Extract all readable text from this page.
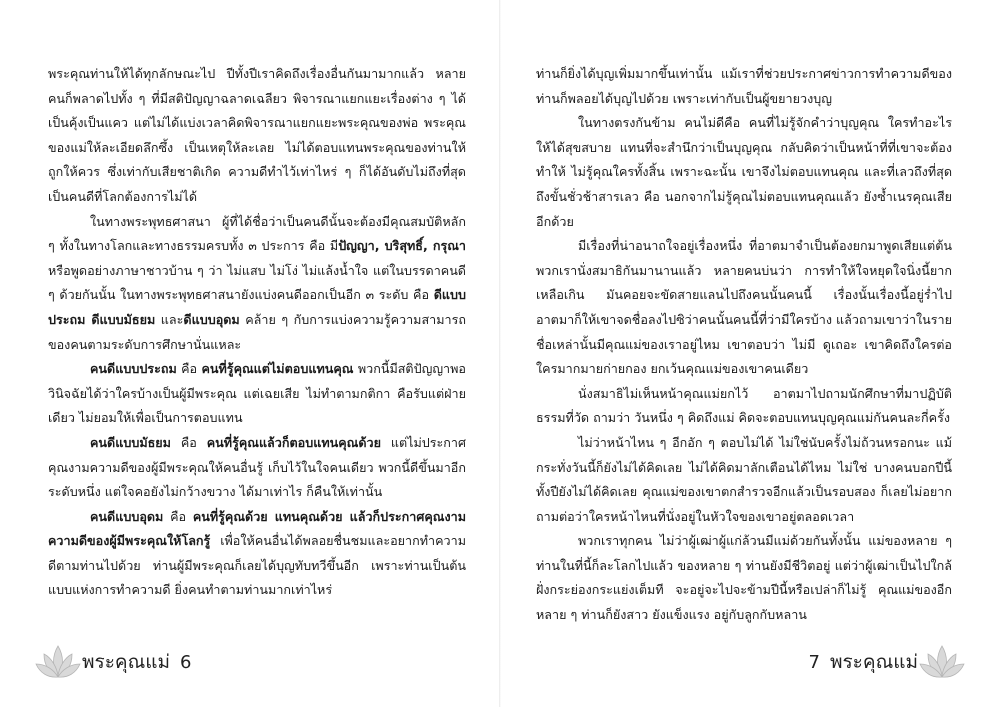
พระคุณท่านให้ได้ทุกลักษณะไป ปีทั้งปีเราคิดถึงเรื่องอื่นกันมามากแล้ว หลายคนก็พลาดไปทั้ง ๆ ที่มีสติปัญญาฉลาดเฉลียว พิจารณาแยกแยะเรื่องต่าง ๆ ได้เป็นคุ้งเป็นแคว แต่ไม่ได้แบ่งเวลาคิดพิจารณาแยกแยะพระคุณของพ่อ พระคุณของแม่ให้ละเอียดลึกซึ้ง เป็นเหตุให้ละเลย ไม่ได้ตอบแทนพระคุณของท่านให้ถูกให้ควร ซึ่งเท่ากับเสียชาติเกิด ความดีทำไว้เท่าไหร่ ๆ ก็ได้อันดับไม่ถึงที่สุด เป็นคนดีที่โลกต้องการไม่ได้

ในทางพระพุทธศาสนา ผู้ที่ได้ชื่อว่าเป็นคนดีนั้นจะต้องมีคุณสมบัติหลัก ๆ ทั้งในทางโลกและทางธรรมครบทั้ง ๓ ประการ คือ มีปัญญา, บริสุทธิ์, กรุณา หรือพูดอย่างภาษาชาวบ้าน ๆ ว่า ไม่แสบ ไม่โง่ ไม่แล้งน้ำใจ แต่ในบรรดาคนดี ๆ ด้วยกันนั้น ในทางพระพุทธศาสนายังแบ่งคนดีออกเป็นอีก ๓ ระดับ คือ ดีแบบประถม ดีแบบมัธยม และดีแบบอุดม คล้าย ๆ กับการแบ่งความรู้ความสามารถของคนตามระดับการศึกษานั่นแหละ

คนดีแบบประถม คือ คนที่รู้คุณแต่ไม่ตอบแทนคุณ พวกนี้มีสติปัญญาพอวินิจฉัยได้ว่าใครบ้างเป็นผู้มีพระคุณ แต่เฉยเสีย ไม่ทำตามกติกา คือรับแต่ฝ่ายเดียว ไม่ยอมให้เพื่อเป็นการตอบแทน

คนดีแบบมัธยม คือ คนที่รู้คุณแล้วก็ตอบแทนคุณด้วย แต่ไม่ประกาศคุณงามความดีของผู้มีพระคุณให้คนอื่นรู้ เก็บไว้ในใจคนเดียว พวกนี้ดีขึ้นมาอีกระดับหนึ่ง แต่ใจคอยังไม่กว้างขวาง ได้มาเท่าไร ก็คืนให้เท่านั้น

คนดีแบบอุดม คือ คนที่รู้คุณด้วย แทนคุณด้วย แล้วก็ประกาศคุณงามความดีของผู้มีพระคุณให้โลกรู้ เพื่อให้คนอื่นได้พลอยชื่นชมและอยากทำความดีตามท่านไปด้วย ท่านผู้มีพระคุณก็เลยได้บุญทับทวีขึ้นอีก เพราะท่านเป็นต้นแบบแห่งการทำความดี ยิ่งคนทำตามท่านมากเท่าไหร่

พระคุณแม่ 6

ท่านก็ยิ่งได้บุญเพิ่มมากขึ้นเท่านั้น แม้เราที่ช่วยประกาศข่าวการทำความดีของท่านก็พลอยได้บุญไปด้วย เพราะเท่ากับเป็นผู้ขยายวงบุญ

ในทางตรงกันข้าม คนไม่ดีคือ คนที่ไม่รู้จักคำว่าบุญคุณ ใครทำอะไรให้ได้สุขสบาย แทนที่จะสำนึกว่าเป็นบุญคุณ กลับคิดว่าเป็นหน้าที่ที่เขาจะต้องทำให้ ไม่รู้คุณใครทั้งสิ้น เพราะฉะนั้น เขาจึงไม่ตอบแทนคุณ และที่เลวถึงที่สุดถึงขั้นชั่วช้าสารเลว คือ นอกจากไม่รู้คุณไม่ตอบแทนคุณแล้ว ยังซ้ำเนรคุณเสียอีกด้วย

มีเรื่องที่น่าอนาถใจอยู่เรื่องหนึ่ง ที่อาตมาจำเป็นต้องยกมาพูดเสียแต่ต้น พวกเรานั่งสมาธิกันมานานแล้ว หลายคนบ่นว่า การทำให้ใจหยุดใจนิ่งนี้ยากเหลือเกิน มันคอยจะขัดสายแลนไปถึงคนนั้นคนนี้ เรื่องนั้นเรื่องนี้อยู่ร่ำไป อาตมาก็ให้เขาจดชื่อลงไปซิว่าคนนั้นคนนี้ที่ว่ามีใครบ้าง แล้วถามเขาว่าในรายชื่อเหล่านั้นมีคุณแม่ของเราอยู่ไหม เขาตอบว่า ไม่มี ดูเถอะ เขาคิดถึงใครต่อใครมากมายก่ายกอง ยกเว้นคุณแม่ของเขาคนเดียว

นั่งสมาธิไม่เห็นหน้าคุณแม่ยกไว้ อาตมาไปถามนักศึกษาที่มาปฏิบัติธรรมที่วัด ถามว่า วันหนึ่ง ๆ คิดถึงแม่ คิดจะตอบแทนบุญคุณแม่กันคนละกี่ครั้ง

ไม่ว่าหน้าไหน ๆ อีกอัก ๆ ตอบไม่ได้ ไม่ใช่นับครั้งไม่ถ้วนหรอกนะ แม้กระทั่งวันนี้ก็ยังไม่ได้คิดเลย ไม่ได้คิดมาลักเตือนได้ไหม ไม่ใช่ บางคนบอกปีนี้ทั้งปียังไม่ได้คิดเลย คุณแม่ของเขาตกสำรวจอีกแล้วเป็นรอบสอง ก็เลยไม่อยากถามต่อว่าใครหน้าไหนที่นั่งอยู่ในหัวใจของเขาอยู่ตลอดเวลา

พวกเราทุกคน ไม่ว่าผู้เฒ่าผู้แก่ล้วนมีแม่ด้วยกันทั้งนั้น แม่ของหลาย ๆ ท่านในที่นี้ก็ละโลกไปแล้ว ของหลาย ๆ ท่านยังมีชีวิตอยู่ แต่ว่าผู้เฒ่าเป็นไปใกล้ฝั่งกระย่องกระแย่งเต็มที จะอยู่จะไปจะข้ามปีนี้หรือเปล่าก็ไม่รู้ คุณแม่ของอีกหลาย ๆ ท่านก็ยังสาว ยังแข็งแรง อยู่กับลูกกับหลาน

พระคุณแม่
7
